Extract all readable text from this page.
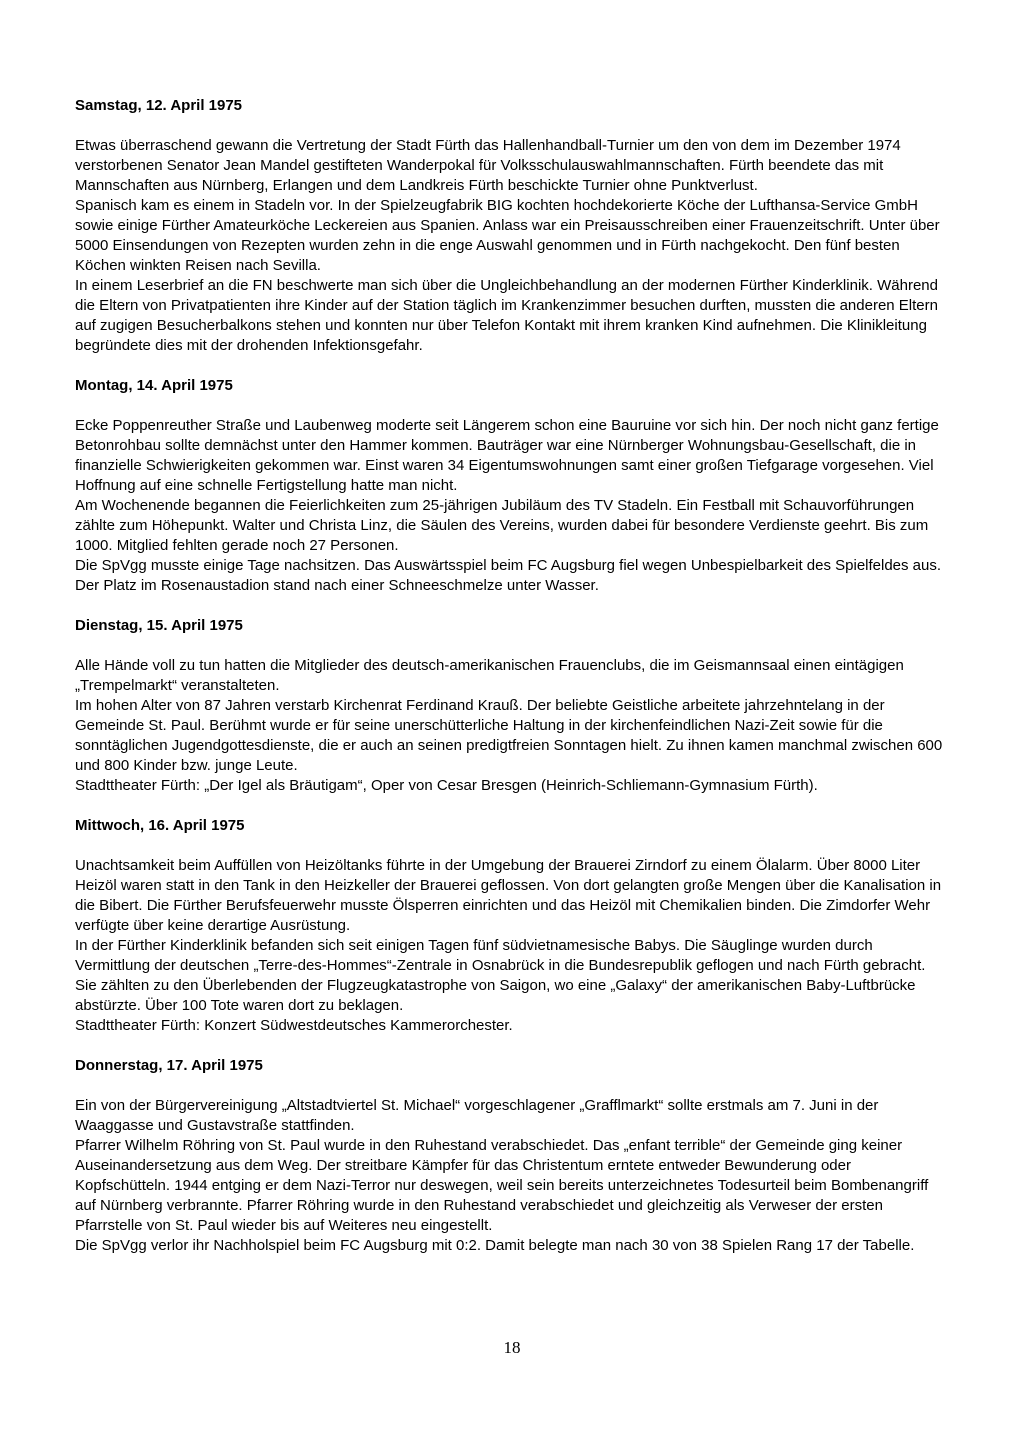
Samstag, 12. April 1975

Etwas überraschend gewann die Vertretung der Stadt Fürth das Hallenhandball-Turnier um den von dem im Dezember 1974 verstorbenen Senator Jean Mandel gestifteten Wanderpokal für Volksschulauswahlmannschaften. Fürth beendete das mit Mannschaften aus Nürnberg, Erlangen und dem Landkreis Fürth beschickte Turnier ohne Punktverlust.

Spanisch kam es einem in Stadeln vor. In der Spielzeugfabrik BIG kochten hochdekorierte Köche der Lufthansa-Service GmbH sowie einige Fürther Amateurköche Leckereien aus Spanien. Anlass war ein Preisausschreiben einer Frauenzeitschrift. Unter über 5000 Einsendungen von Rezepten wurden zehn in die enge Auswahl genommen und in Fürth nachgekocht. Den fünf besten Köchen winkten Reisen nach Sevilla.

In einem Leserbrief an die FN beschwerte man sich über die Ungleichbehandlung an der modernen Fürther Kinderklinik. Während die Eltern von Privatpatienten ihre Kinder auf der Station täglich im Krankenzimmer besuchen durften, mussten die anderen Eltern auf zugigen Besucherbalkons stehen und konnten nur über Telefon Kontakt mit ihrem kranken Kind aufnehmen. Die Klinikleitung begründete dies mit der drohenden Infektionsgefahr.

Montag, 14. April 1975

Ecke Poppenreuther Straße und Laubenweg moderte seit Längerem schon eine Bauruine vor sich hin. Der noch nicht ganz fertige Betonrohbau sollte demnächst unter den Hammer kommen. Bauträger war eine Nürnberger Wohnungsbau-Gesellschaft, die in finanzielle Schwierigkeiten gekommen war. Einst waren 34 Eigentumswohnungen samt einer großen Tiefgarage vorgesehen. Viel Hoffnung auf eine schnelle Fertigstellung hatte man nicht.

Am Wochenende begannen die Feierlichkeiten zum 25-jährigen Jubiläum des TV Stadeln. Ein Festball mit Schauvorführungen zählte zum Höhepunkt. Walter und Christa Linz, die Säulen des Vereins, wurden dabei für besondere Verdienste geehrt. Bis zum 1000. Mitglied fehlten gerade noch 27 Personen.

Die SpVgg musste einige Tage nachsitzen. Das Auswärtsspiel beim FC Augsburg fiel wegen Unbespielbarkeit des Spielfeldes aus. Der Platz im Rosenaustadion stand nach einer Schneeschmelze unter Wasser.

Dienstag, 15. April 1975

Alle Hände voll zu tun hatten die Mitglieder des deutsch-amerikanischen Frauenclubs, die im Geismannsaal einen eintägigen „Trempelmarkt“ veranstalteten.

Im hohen Alter von 87 Jahren verstarb Kirchenrat Ferdinand Krauß. Der beliebte Geistliche arbeitete jahrzehntelang in der Gemeinde St. Paul. Berühmt wurde er für seine unerschütterliche Haltung in der kirchenfeindlichen Nazi-Zeit sowie für die sonntäglichen Jugendgottesdienste, die er auch an seinen predigtfreien Sonntagen hielt. Zu ihnen kamen manchmal zwischen 600 und 800 Kinder bzw. junge Leute.

Stadttheater Fürth: „Der Igel als Bräutigam“, Oper von Cesar Bresgen (Heinrich-Schliemann-Gymnasium Fürth).

Mittwoch, 16. April 1975

Unachtsamkeit beim Auffüllen von Heizöltanks führte in der Umgebung der Brauerei Zirndorf zu einem Ölalarm. Über 8000 Liter Heizöl waren statt in den Tank in den Heizkeller der Brauerei geflossen. Von dort gelangten große Mengen über die Kanalisation in die Bibert. Die Fürther Berufsfeuerwehr musste Ölsperren einrichten und das Heizöl mit Chemikalien binden. Die Zimdorfer Wehr verfügte über keine derartige Ausrüstung.

In der Fürther Kinderklinik befanden sich seit einigen Tagen fünf südvietnamesische Babys. Die Säuglinge wurden durch Vermittlung der deutschen „Terre-des-Hommes“-Zentrale in Osnabrück in die Bundesrepublik geflogen und nach Fürth gebracht. Sie zählten zu den Überlebenden der Flugzeugkatastrophe von Saigon, wo eine „Galaxy“ der amerikanischen Baby-Luftbrücke abstürzte. Über 100 Tote waren dort zu beklagen.

Stadttheater Fürth: Konzert Südwestdeutsches Kammerorchester.

Donnerstag, 17. April 1975

Ein von der Bürgervereinigung „Altstadtviertel St. Michael“ vorgeschlagener „Grafflmarkt“ sollte erstmals am 7. Juni in der Waaggasse und Gustavstraße stattfinden.

Pfarrer Wilhelm Röhring von St. Paul wurde in den Ruhestand verabschiedet. Das „enfant terrible“ der Gemeinde ging keiner Auseinandersetzung aus dem Weg. Der streitbare Kämpfer für das Christentum erntete entweder Bewunderung oder Kopfschütteln. 1944 entging er dem Nazi-Terror nur deswegen, weil sein bereits unterzeichnetes Todesurteil beim Bombenangriff auf Nürnberg verbrannte. Pfarrer Röhring wurde in den Ruhestand verabschiedet und gleichzeitig als Verweser der ersten Pfarrstelle von St. Paul wieder bis auf Weiteres neu eingestellt.

Die SpVgg verlor ihr Nachholspiel beim FC Augsburg mit 0:2. Damit belegte man nach 30 von 38 Spielen Rang 17 der Tabelle.

18
